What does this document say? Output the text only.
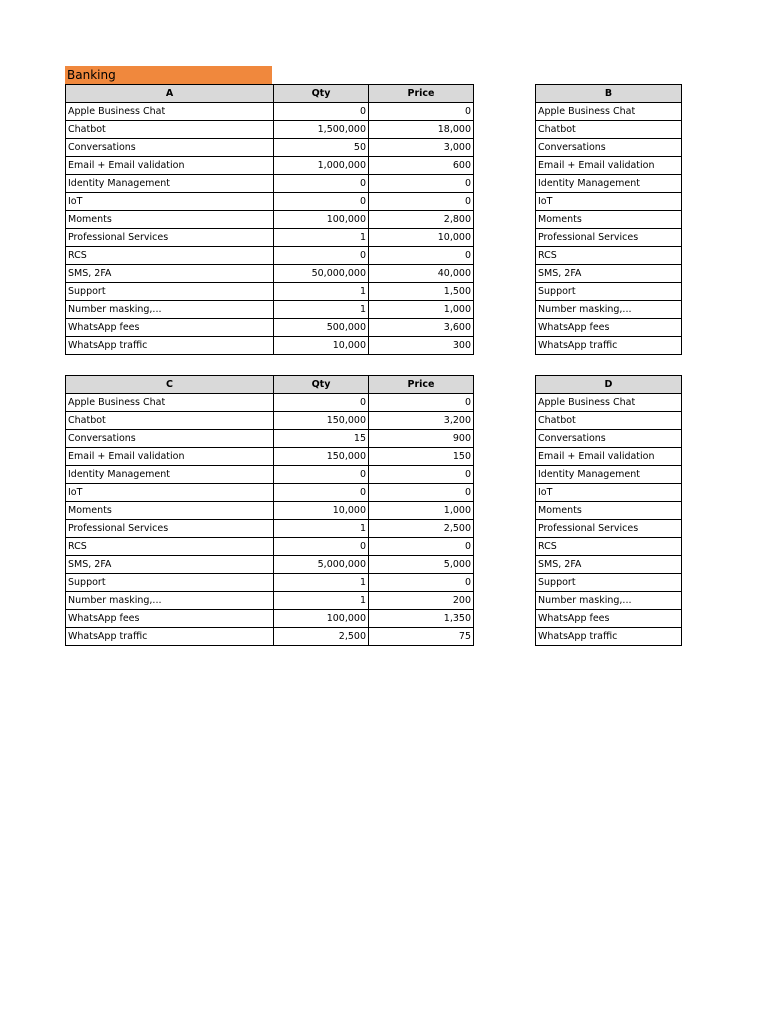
Banking
A	Qty	Price
Apple Business Chat	0	0
Chatbot	1,500,000	18,000
Conversations	50	3,000
Email + Email validation	1,000,000	600
Identity Management	0	0
IoT	0	0
Moments	100,000	2,800
Professional Services	1	10,000
RCS	0	0
SMS, 2FA	50,000,000	40,000
Support	1	1,500
Number masking,...	1	1,000
WhatsApp fees	500,000	3,600
WhatsApp traffic	10,000	300
B
Apple Business Chat
Chatbot
Conversations
Email + Email validation
Identity Management
IoT
Moments
Professional Services
RCS
SMS, 2FA
Support
Number masking,...
WhatsApp fees
WhatsApp traffic
C	Qty	Price
Apple Business Chat	0	0
Chatbot	150,000	3,200
Conversations	15	900
Email + Email validation	150,000	150
Identity Management	0	0
IoT	0	0
Moments	10,000	1,000
Professional Services	1	2,500
RCS	0	0
SMS, 2FA	5,000,000	5,000
Support	1	0
Number masking,...	1	200
WhatsApp fees	100,000	1,350
WhatsApp traffic	2,500	75
D
Apple Business Chat
Chatbot
Conversations
Email + Email validation
Identity Management
IoT
Moments
Professional Services
RCS
SMS, 2FA
Support
Number masking,...
WhatsApp fees
WhatsApp traffic
